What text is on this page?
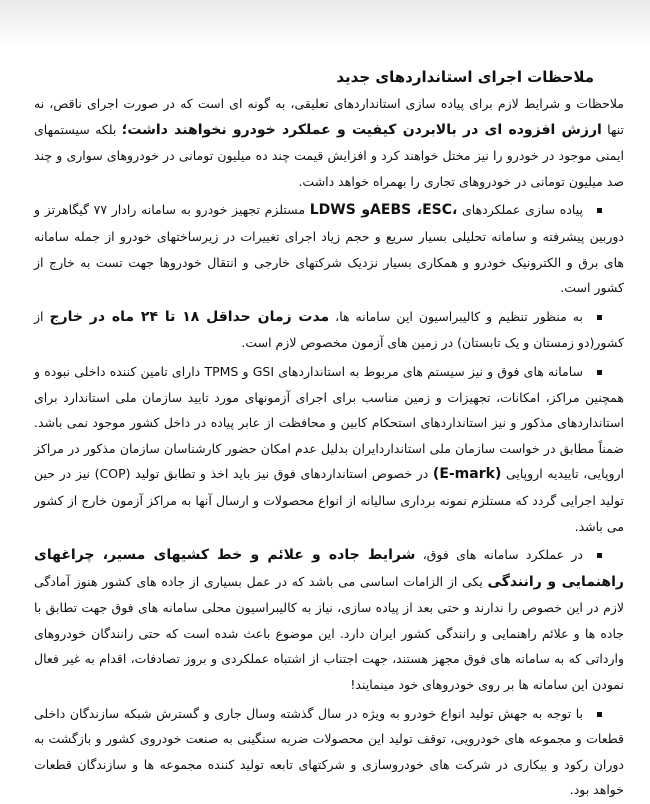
ملاحظات اجرای استانداردهای جدید

ملاحظات و شرایط لازم برای پیاده سازی استانداردهای تعلیقی، به گونه ای است که در صورت اجرای ناقص، نه تنها ارزش افزوده ای در بالابردن کیفیت و عملکرد خودرو نخواهند داشت؛ بلکه سیستمهای ایمنی موجود در خودرو را نیز مختل خواهند کرد و افزایش قیمت چند ده میلیون تومانی در خودروهای سواری و چند صد میلیون تومانی در خودروهای تجاری را بهمراه خواهد داشت.

پیاده سازی عملکردهای LDWS وAEBS ،ESC، مستلزم تجهیز خودرو به سامانه رادار ۷۷ گیگاهرتز و دوربین پیشرفته و سامانه تحلیلی بسیار سریع و حجم زیاد اجرای تغییرات در زیرساختهای خودرو از جمله سامانه های برق و الکترونیک خودرو و همکاری بسیار نزدیک شرکتهای خارجی و انتقال خودروها جهت تست به خارج از کشور است.

به منظور تنظیم و کالیبراسیون این سامانه ها، مدت زمان حداقل ۱۸ تا ۲۴ ماه در خارج از کشور(دو زمستان و یک تابستان) در زمین های آزمون مخصوص لازم است.

سامانه های فوق و نیز سیستم های مربوط به استانداردهای GSI و TPMS دارای تامین کننده داخلی نبوده و همچنین مراکز، امکانات، تجهیزات و زمین مناسب برای اجرای آزمونهای مورد تایید سازمان ملی استاندارد برای استانداردهای مذکور و نیز استانداردهای استحکام کابین و محافظت از عابر پیاده در داخل کشور موجود نمی باشد. ضمناً مطابق در خواست سازمان ملی استانداردایران بدلیل عدم امکان حضور کارشناسان سازمان مذکور در مراکز اروپایی، تاییدیه اروپایی (E-mark) در خصوص استانداردهای فوق نیز باید اخذ و تطابق تولید (COP) نیز در حین تولید اجرایی گردد که مستلزم نمونه برداری سالیانه از انواع محصولات و ارسال آنها به مراکز آزمون خارج از کشور می باشد.

در عملکرد سامانه های فوق، شرایط جاده و علائم و خط کشیهای مسیر، چراغهای راهنمایی و رانندگی یکی از الزامات اساسی می باشد که در عمل بسیاری از جاده های کشور هنوز آمادگی لازم در این خصوص را ندارند و حتی بعد از پیاده سازی، نیاز به کالیبراسیون محلی سامانه های فوق جهت تطابق با جاده ها و علائم راهنمایی و رانندگی کشور ایران دارد. این موضوع باعث شده است که حتی رانندگان خودروهای وارداتی که به سامانه های فوق مجهز هستند، جهت اجتناب از اشتباه عملکردی و بروز تصادفات، اقدام به غیر فعال نمودن این سامانه ها بر روی خودروهای خود مینمایند!

با توجه به جهش تولید انواع خودرو به ویژه در سال گذشته وسال جاری و گسترش شبکه سازندگان داخلی قطعات و مجموعه های خودرویی، توقف تولید این محصولات ضربه سنگینی به صنعت خودروی کشور و بازگشت به دوران رکود و بیکاری در شرکت های خودروسازی و شرکتهای تابعه تولید کننده مجموعه ها و سازندگان قطعات خواهد بود.
